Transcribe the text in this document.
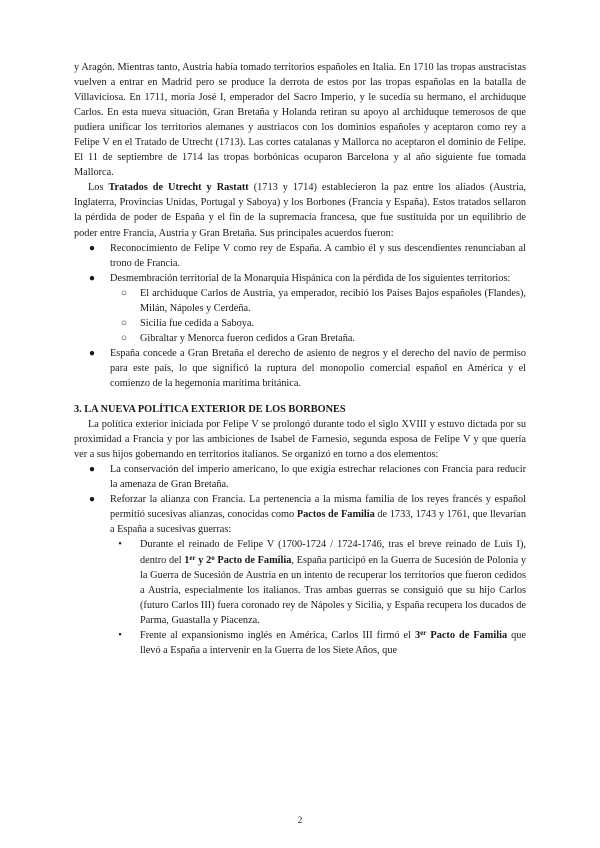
y Aragón. Mientras tanto, Austria había tomado territorios españoles en Italia. En 1710 las tropas austracistas vuelven a entrar en Madrid pero se produce la derrota de estos por las tropas españolas en la batalla de Villaviciosa. En 1711, moría José I, emperador del Sacro Imperio, y le sucedía su hermano, el archiduque Carlos. En esta nueva situación, Gran Bretaña y Holanda retiran su apoyo al archiduque temerosos de que pudiera unificar los territorios alemanes y austriacos con los dominios españoles y aceptaron como rey a Felipe V en el Tratado de Utrecht (1713). Las cortes catalanas y Mallorca no aceptaron el dominio de Felipe. El 11 de septiembre de 1714 las tropas borbónicas ocuparon Barcelona y al año siguiente fue tomada Mallorca.

Los Tratados de Utrecht y Rastatt (1713 y 1714) establecieron la paz entre los aliados (Austria, Inglaterra, Provincias Unidas, Portugal y Saboya) y los Borbones (Francia y España). Estos tratados sellaron la pérdida de poder de España y el fin de la supremacía francesa, que fue sustituida por un equilibrio de poder entre Francia, Austria y Gran Bretaña. Sus principales acuerdos fueron:

● Reconocimiento de Felipe V como rey de España. A cambio él y sus descendientes renunciaban al trono de Francia.
● Desmembración territorial de la Monarquía Hispánica con la pérdida de los siguientes territorios:
○ El archiduque Carlos de Austria, ya emperador, recibió los Países Bajos españoles (Flandes), Milán, Nápoles y Cerdeña.
○ Sicilia fue cedida a Saboya.
○ Gibraltar y Menorca fueron cedidos a Gran Bretaña.
● España concede a Gran Bretaña el derecho de asiento de negros y el derecho del navío de permiso para este país, lo que significó la ruptura del monopolio comercial español en América y el comienzo de la hegemonía marítima británica.

3. LA NUEVA POLÍTICA EXTERIOR DE LOS BORBONES

La política exterior iniciada por Felipe V se prolongó durante todo el siglo XVIII y estuvo dictada por su proximidad a Francia y por las ambiciones de Isabel de Farnesio, segunda esposa de Felipe V y que quería ver a sus hijos gobernando en territorios italianos. Se organizó en torno a dos elementos:

● La conservación del imperio americano, lo que exigía estrechar relaciones con Francia para reducir la amenaza de Gran Bretaña.
● Reforzar la alianza con Francia. La pertenencia a la misma familia de los reyes francés y español permitió sucesivas alianzas, conocidas como Pactos de Familia de 1733, 1743 y 1761, que llevarían a España a sucesivas guerras:
•	Durante el reinado de Felipe V (1700-1724 / 1724-1746, tras el breve reinado de Luis I), dentro del 1er y 2$^o$ Pacto de Familia, España participó en la Guerra de Sucesión de Polonia y la Guerra de Sucesión de Austria en un intento de recuperar los territorios que fueron cedidos a Austria, especialmente los italianos. Tras ambas guerras se consiguió que su hijo Carlos (futuro Carlos III) fuera coronado rey de Nápoles y Sicilia, y España recupera los ducados de Parma, Guastalla y Piacenza.
•	Frente al expansionismo inglés en América, Carlos III firmó el 3er Pacto de Familia que llevó a España a intervenir en la Guerra de los Siete Años, que
2
